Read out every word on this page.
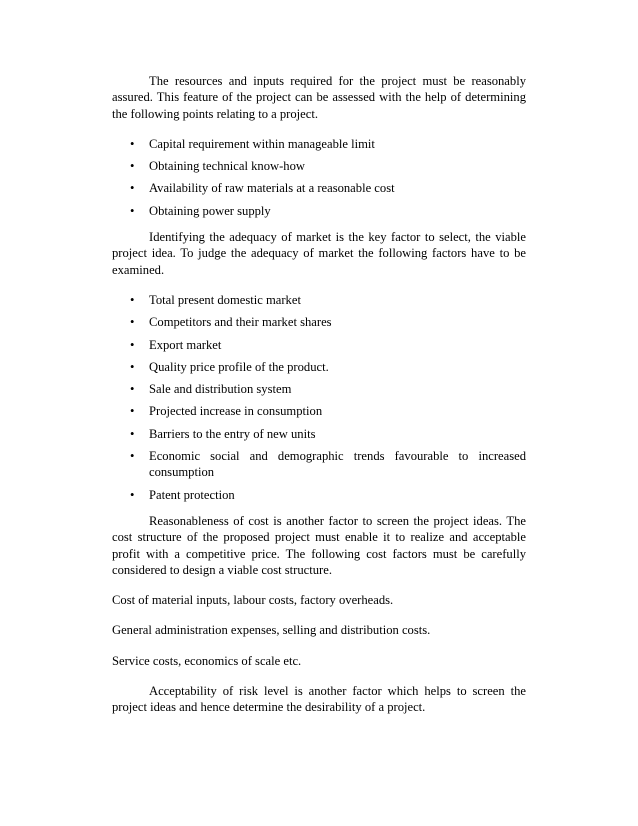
The resources and inputs required for the project must be reasonably assured. This feature of the project can be assessed with the help of determining the following points relating to a project.

• Capital requirement within manageable limit
• Obtaining technical know-how
• Availability of raw materials at a reasonable cost
• Obtaining power supply

Identifying the adequacy of market is the key factor to select, the viable project idea. To judge the adequacy of market the following factors have to be examined.

• Total present domestic market
• Competitors and their market shares
• Export market
• Quality price profile of the product.
• Sale and distribution system
• Projected increase in consumption
• Barriers to the entry of new units
• Economic social and demographic trends favourable to increased consumption
• Patent protection

Reasonableness of cost is another factor to screen the project ideas. The cost structure of the proposed project must enable it to realize and acceptable profit with a competitive price. The following cost factors must be carefully considered to design a viable cost structure.

Cost of material inputs, labour costs, factory overheads.

General administration expenses, selling and distribution costs.

Service costs, economics of scale etc.

Acceptability of risk level is another factor which helps to screen the project ideas and hence determine the desirability of a project.
